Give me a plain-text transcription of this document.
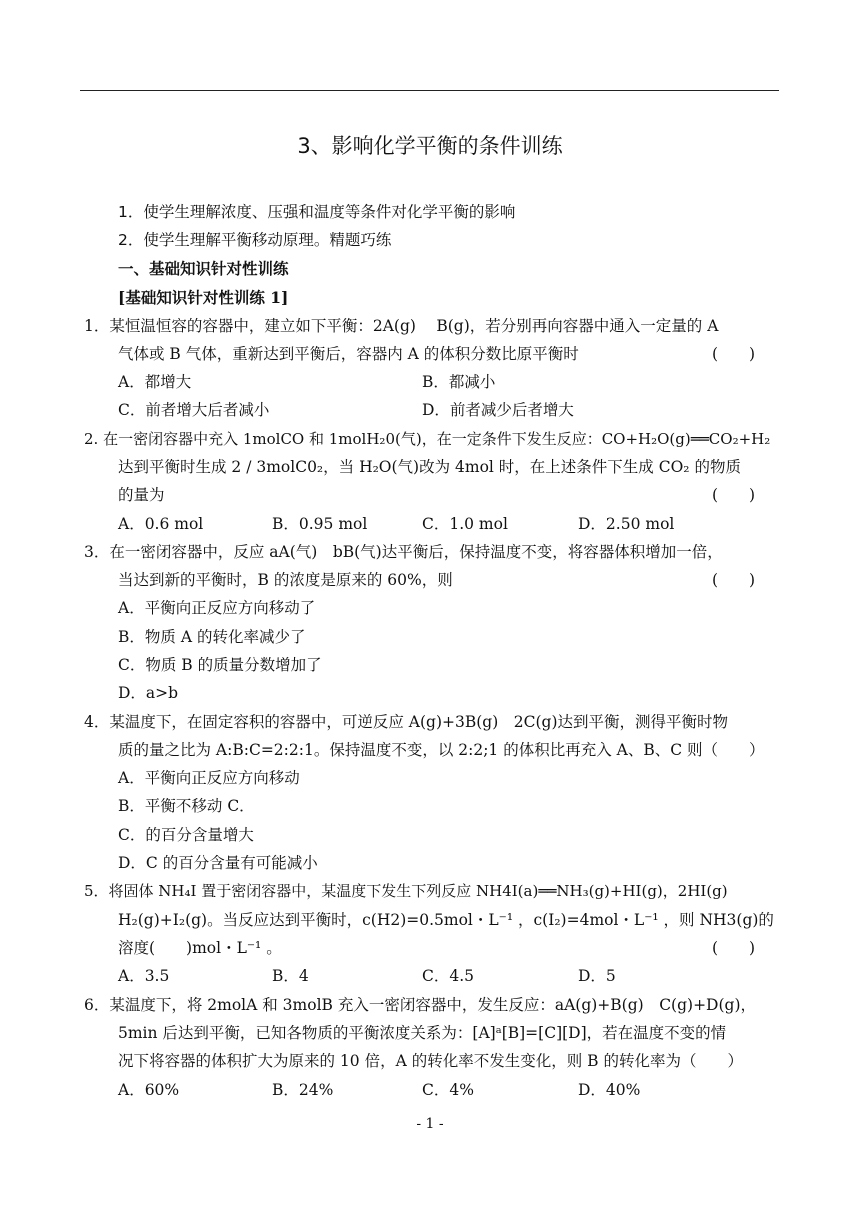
3、影响化学平衡的条件训练
1．使学生理解浓度、压强和温度等条件对化学平衡的影响
2．使学生理解平衡移动原理。精题巧练
一、基础知识针对性训练
[基础知识针对性训练 1]
1．某恒温恒容的容器中，建立如下平衡：2A(g)　 B(g)，若分别再向容器中通入一定量的 A
气体或 B 气体，重新达到平衡后，容器内 A 的体积分数比原平衡时	(　　)
A．都增大	B．都减小
C．前者增大后者减小	D．前者减少后者增大
2. 在一密闭容器中充入 1molCO 和 1molH₂0(气)，在一定条件下发生反应：CO+H₂O(g)══CO₂+H₂
达到平衡时生成 2 / 3molC0₂，当 H₂O(气)改为 4mol 时，在上述条件下生成 CO₂ 的物质
的量为	(　　)
A．0.6 mol	B．0.95 mol	C．1.0 mol	D．2.50 mol
3．在一密闭容器中，反应 aA(气)　bB(气)达平衡后，保持温度不变，将容器体积增加一倍，
当达到新的平衡时，B 的浓度是原来的 60%，则	(　　)
A．平衡向正反应方向移动了
B．物质 A 的转化率减少了
C．物质 B 的质量分数增加了
D．a>b
4．某温度下，在固定容积的容器中，可逆反应 A(g)+3B(g)　2C(g)达到平衡，测得平衡时物
质的量之比为 A:B:C=2:2:1。保持温度不变，以 2:2;1 的体积比再充入 A、B、C 则（　　）
A．平衡向正反应方向移动
B．平衡不移动 C．
C．的百分含量增大
D．C 的百分含量有可能减小
5．将固体 NH₄I 置于密闭容器中，某温度下发生下列反应 NH4I(a)══NH₃(g)+HI(g)，2HI(g)
H₂(g)+I₂(g)。当反应达到平衡时，c(H2)=0.5mol・L⁻¹ ，c(I₂)=4mol・L⁻¹ ，则 NH3(g)的
溶度(　　)mol・L⁻¹ 。	(　　)
A．3.5	B．4	C．4.5	D．5
6．某温度下，将 2molA 和 3molB 充入一密闭容器中，发生反应：aA(g)+B(g)　C(g)+D(g)，
5min 后达到平衡，已知各物质的平衡浓度关系为：[A]ᵃ[B]=[C][D]，若在温度不变的情
况下将容器的体积扩大为原来的 10 倍，A 的转化率不发生变化，则 B 的转化率为（　　）
A．60%	B．24%	C．4%	D．40%
- 1 -
